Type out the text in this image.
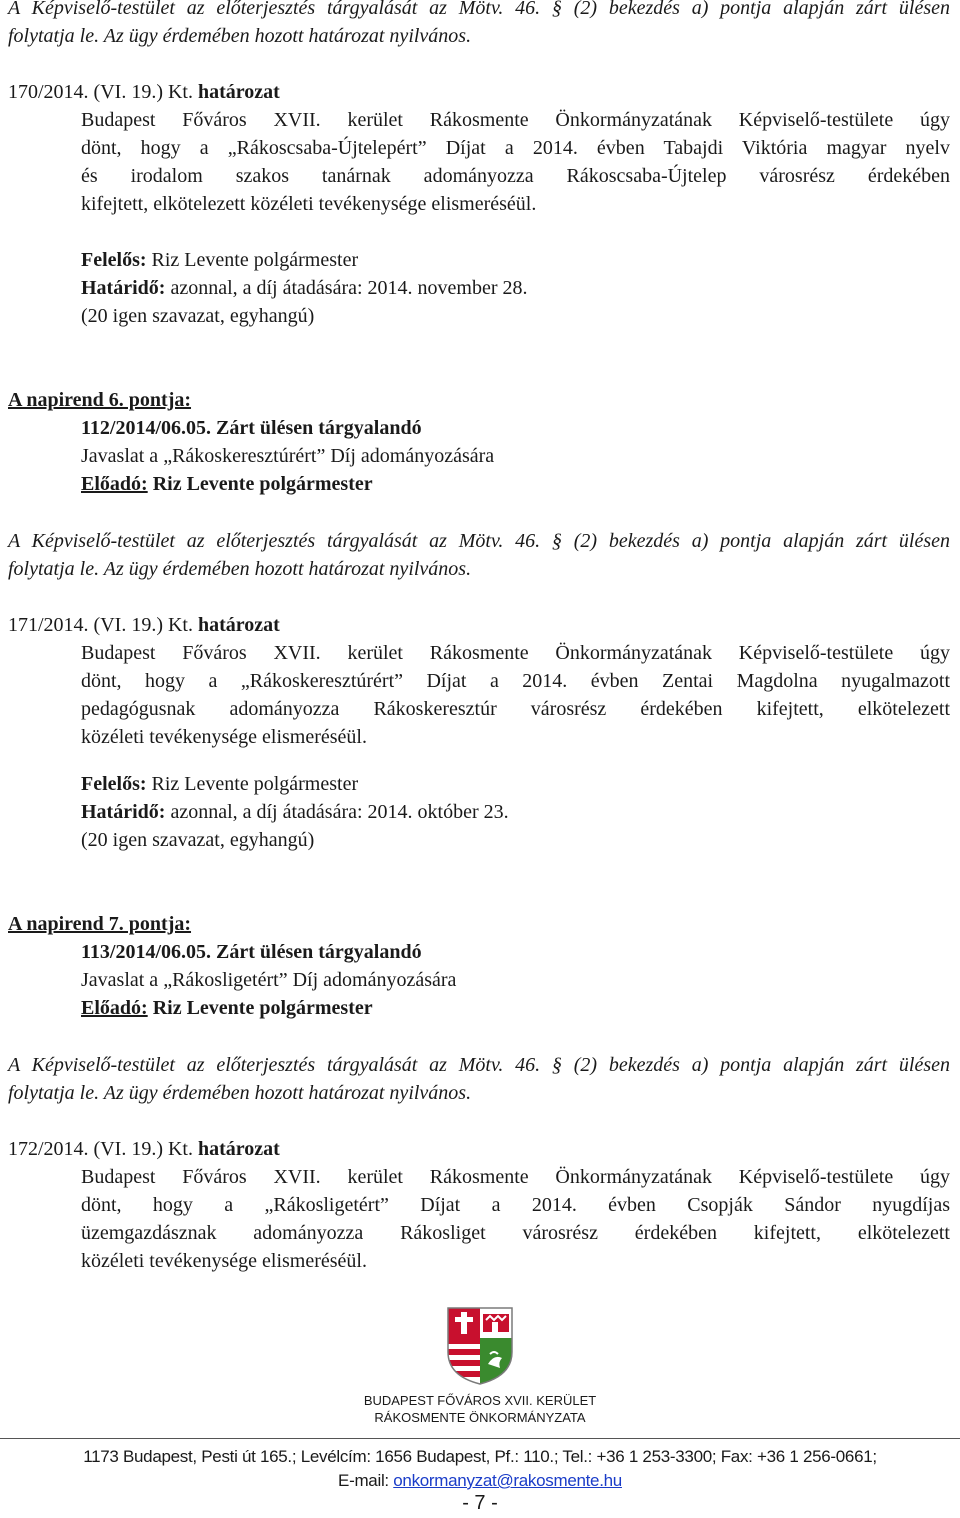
A Képviselő-testület az előterjesztés tárgyalását az Mötv. 46. § (2) bekezdés a) pontja alapján zárt ülésen
folytatja le. Az ügy érdemében hozott határozat nyilvános.
170/2014. (VI. 19.) Kt. határozat
Budapest Főváros XVII. kerület Rákosmente Önkormányzatának Képviselő-testülete úgy
dönt, hogy a „Rákoscsaba-Újtelepért” Díjat a 2014. évben Tabajdi Viktória magyar nyelv
és irodalom szakos tanárnak adományozza Rákoscsaba-Újtelep városrész érdekében
kifejtett, elkötelezett közéleti tevékenysége elismeréséül.
Felelős: Riz Levente polgármester
Határidő: azonnal, a díj átadására: 2014. november 28.
(20 igen szavazat, egyhangú)
A napirend 6. pontja:
112/2014/06.05. Zárt ülésen tárgyalandó
Javaslat a „Rákoskeresztúrért” Díj adományozására
Előadó: Riz Levente polgármester
A Képviselő-testület az előterjesztés tárgyalását az Mötv. 46. § (2) bekezdés a) pontja alapján zárt ülésen
folytatja le. Az ügy érdemében hozott határozat nyilvános.
171/2014. (VI. 19.) Kt. határozat
Budapest Főváros XVII. kerület Rákosmente Önkormányzatának Képviselő-testülete úgy
dönt, hogy a „Rákoskeresztúrért” Díjat a 2014. évben Zentai Magdolna nyugalmazott
pedagógusnak adományozza Rákoskeresztúr városrész érdekében kifejtett, elkötelezett
közéleti tevékenysége elismeréséül.
Felelős: Riz Levente polgármester
Határidő: azonnal, a díj átadására: 2014. október 23.
(20 igen szavazat, egyhangú)
A napirend 7. pontja:
113/2014/06.05. Zárt ülésen tárgyalandó
Javaslat a „Rákosligetért” Díj adományozására
Előadó: Riz Levente polgármester
A Képviselő-testület az előterjesztés tárgyalását az Mötv. 46. § (2) bekezdés a) pontja alapján zárt ülésen
folytatja le. Az ügy érdemében hozott határozat nyilvános.
172/2014. (VI. 19.) Kt. határozat
Budapest Főváros XVII. kerület Rákosmente Önkormányzatának Képviselő-testülete úgy
dönt, hogy a „Rákosligetért” Díjat a 2014. évben Csopják Sándor nyugdíjas
üzemgazdásznak adományozza Rákosliget városrész érdekében kifejtett, elkötelezett
közéleti tevékenysége elismeréséül.
BUDAPEST FŐVÁROS XVII. KERÜLET
RÁKOSMENTE ÖNKORMÁNYZATA
1173 Budapest, Pesti út 165.; Levélcím: 1656 Budapest, Pf.: 110.; Tel.: +36 1 253-3300; Fax: +36 1 256-0661;
E-mail: onkormanyzat@rakosmente.hu
- 7 -
